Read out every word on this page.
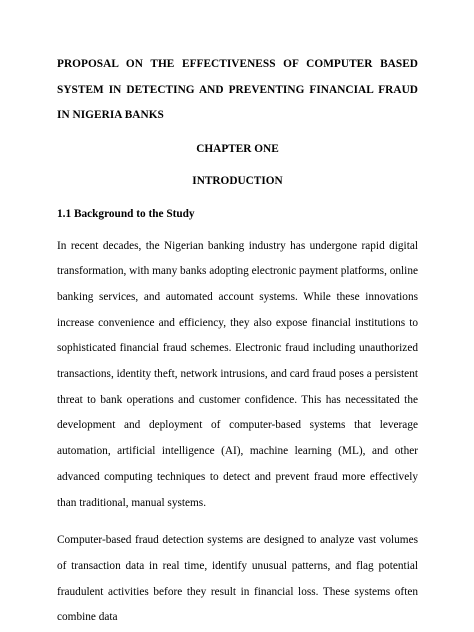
PROPOSAL ON THE EFFECTIVENESS OF COMPUTER BASED SYSTEM IN DETECTING AND PREVENTING FINANCIAL FRAUD IN NIGERIA BANKS

CHAPTER ONE

INTRODUCTION

1.1 Background to the Study

In recent decades, the Nigerian banking industry has undergone rapid digital transformation, with many banks adopting electronic payment platforms, online banking services, and automated account systems. While these innovations increase convenience and efficiency, they also expose financial institutions to sophisticated financial fraud schemes. Electronic fraud including unauthorized transactions, identity theft, network intrusions, and card fraud poses a persistent threat to bank operations and customer confidence. This has necessitated the development and deployment of computer-based systems that leverage automation, artificial intelligence (AI), machine learning (ML), and other advanced computing techniques to detect and prevent fraud more effectively than traditional, manual systems.

Computer-based fraud detection systems are designed to analyze vast volumes of transaction data in real time, identify unusual patterns, and flag potential fraudulent activities before they result in financial loss. These systems often combine data
